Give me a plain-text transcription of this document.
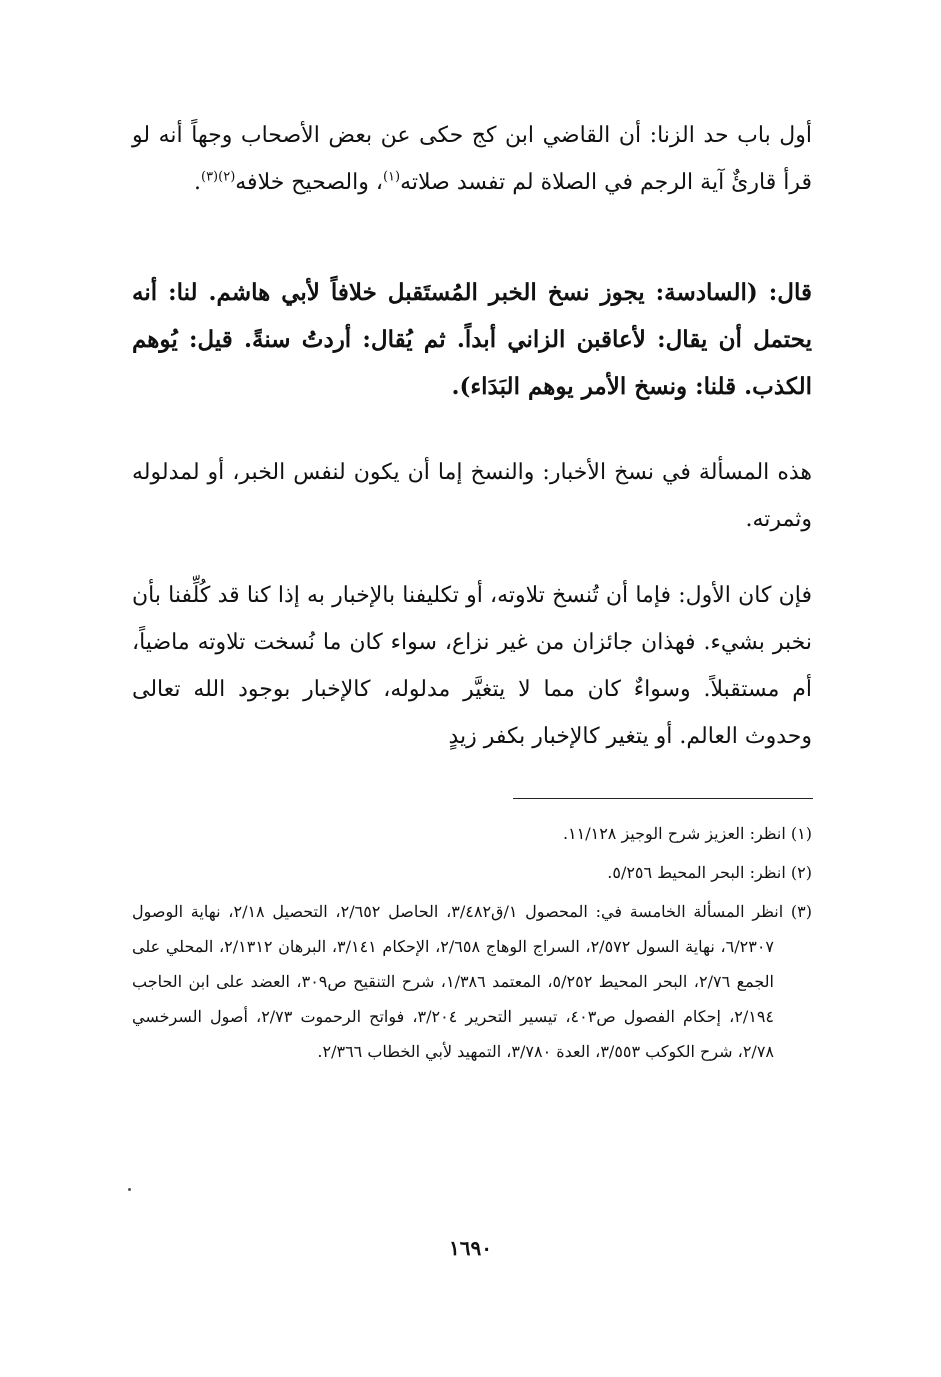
أول باب حد الزنا: أن القاضي ابن كج حكى عن بعض الأصحاب وجهاً أنه لو قرأ قارئٌ آية الرجم في الصلاة لم تفسد صلاته$^{(١)}$، والصحيح خلافه$^{(٢)(٣)}$.
قال: (السادسة: يجوز نسخ الخبر المُستَقبل خلافاً لأبي هاشم. لنا: أنه يحتمل أن يقال: لأعاقبن الزاني أبداً. ثم يُقال: أردتُ سنةً. قيل: يُوهم الكذب. قلنا: ونسخ الأمر يوهم البَدَاء).
هذه المسألة في نسخ الأخبار: والنسخ إما أن يكون لنفس الخبر، أو لمدلوله وثمرته.
فإن كان الأول: فإما أن تُنسخ تلاوته، أو تكليفنا بالإخبار به إذا كنا قد كُلِّفنا بأن نخبر بشيء. فهذان جائزان من غير نزاع، سواء كان ما نُسخت تلاوته ماضياً، أم مستقبلاً. وسواءٌ كان مما لا يتغيَّر مدلوله، كالإخبار بوجود الله تعالى وحدوث العالم. أو يتغير كالإخبار بكفر زيدٍ

(١) انظر: العزيز شرح الوجيز ١١/١٢٨.

(٢) انظر: البحر المحيط ٥/٢٥٦.

(٣) انظر المسألة الخامسة في: المحصول ١/ق٣/٤٨٢، الحاصل ٢/٦٥٢، التحصيل ٢/١٨، نهاية الوصول ٦/٢٣٠٧، نهاية السول ٢/٥٧٢، السراج الوهاج ٢/٦٥٨، الإحكام ٣/١٤١، البرهان ٢/١٣١٢، المحلي على الجمع ٢/٧٦، البحر المحيط ٥/٢٥٢، المعتمد ١/٣٨٦، شرح التنقيح ص٣٠٩، العضد على ابن الحاجب ٢/١٩٤، إحكام الفصول ص٤٠٣، تيسير التحرير ٣/٢٠٤، فواتح الرحموت ٢/٧٣، أصول السرخسي ٢/٧٨، شرح الكوكب ٣/٥٥٣، العدة ٣/٧٨٠، التمهيد لأبي الخطاب ٢/٣٦٦.

١٦٩٠
